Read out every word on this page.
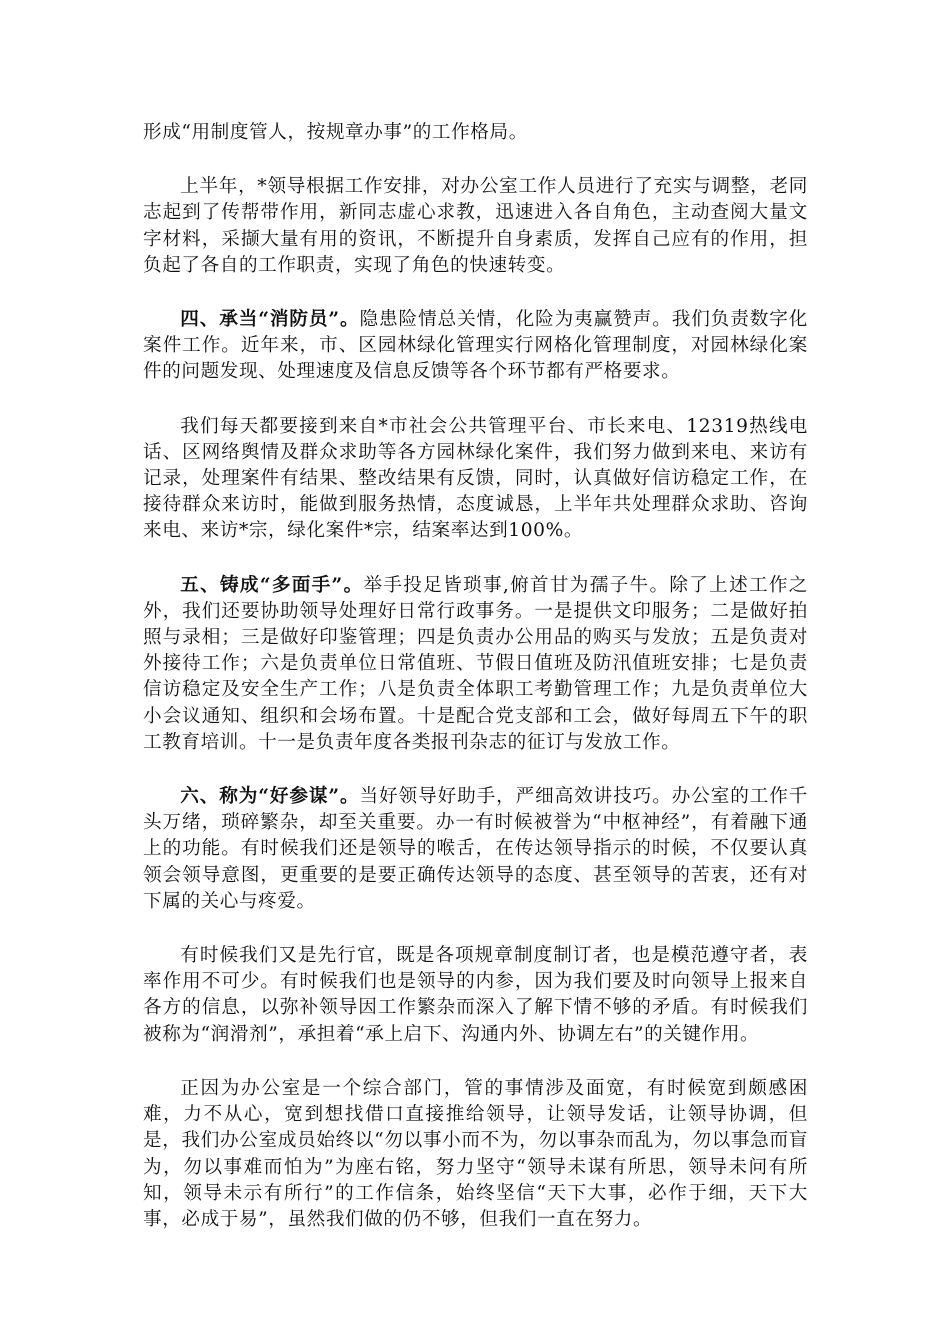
形成“用制度管人，按规章办事”的工作格局。

上半年，*领导根据工作安排，对办公室工作人员进行了充实与调整，老同志起到了传帮带作用，新同志虚心求教，迅速进入各自角色，主动查阅大量文字材料，采撷大量有用的资讯，不断提升自身素质，发挥自己应有的作用，担负起了各自的工作职责，实现了角色的快速转变。

四、承当“消防员”。隐患险情总关情，化险为夷赢赞声。我们负责数字化案件工作。近年来，市、区园林绿化管理实行网格化管理制度，对园林绿化案件的问题发现、处理速度及信息反馈等各个环节都有严格要求。

我们每天都要接到来自*市社会公共管理平台、市长来电、12319热线电话、区网络舆情及群众求助等各方园林绿化案件，我们努力做到来电、来访有记录，处理案件有结果、整改结果有反馈，同时，认真做好信访稳定工作，在接待群众来访时，能做到服务热情，态度诚恳，上半年共处理群众求助、咨询来电、来访*宗，绿化案件*宗，结案率达到100%。

五、铸成“多面手”。举手投足皆琐事,俯首甘为孺子牛。除了上述工作之外，我们还要协助领导处理好日常行政事务。一是提供文印服务；二是做好拍照与录相；三是做好印鉴管理；四是负责办公用品的购买与发放；五是负责对外接待工作；六是负责单位日常值班、节假日值班及防汛值班安排；七是负责信访稳定及安全生产工作；八是负责全体职工考勤管理工作；九是负责单位大小会议通知、组织和会场布置。十是配合党支部和工会，做好每周五下午的职工教育培训。十一是负责年度各类报刊杂志的征订与发放工作。

六、称为“好参谋”。当好领导好助手，严细高效讲技巧。办公室的工作千头万绪，琐碎繁杂，却至关重要。办一有时候被誉为“中枢神经”，有着融下通上的功能。有时候我们还是领导的喉舌，在传达领导指示的时候，不仅要认真领会领导意图，更重要的是要正确传达领导的态度、甚至领导的苦衷，还有对下属的关心与疼爱。

有时候我们又是先行官，既是各项规章制度制订者，也是模范遵守者，表率作用不可少。有时候我们也是领导的内参，因为我们要及时向领导上报来自各方的信息，以弥补领导因工作繁杂而深入了解下情不够的矛盾。有时候我们被称为“润滑剂”，承担着“承上启下、沟通内外、协调左右”的关键作用。

正因为办公室是一个综合部门，管的事情涉及面宽，有时候宽到颇感困难，力不从心，宽到想找借口直接推给领导，让领导发话，让领导协调，但是，我们办公室成员始终以“勿以事小而不为，勿以事杂而乱为，勿以事急而盲为，勿以事难而怕为”为座右铭，努力坚守“领导未谋有所思，领导未问有所知，领导未示有所行”的工作信条，始终坚信“天下大事，必作于细，天下大事，必成于易”，虽然我们做的仍不够，但我们一直在努力。
